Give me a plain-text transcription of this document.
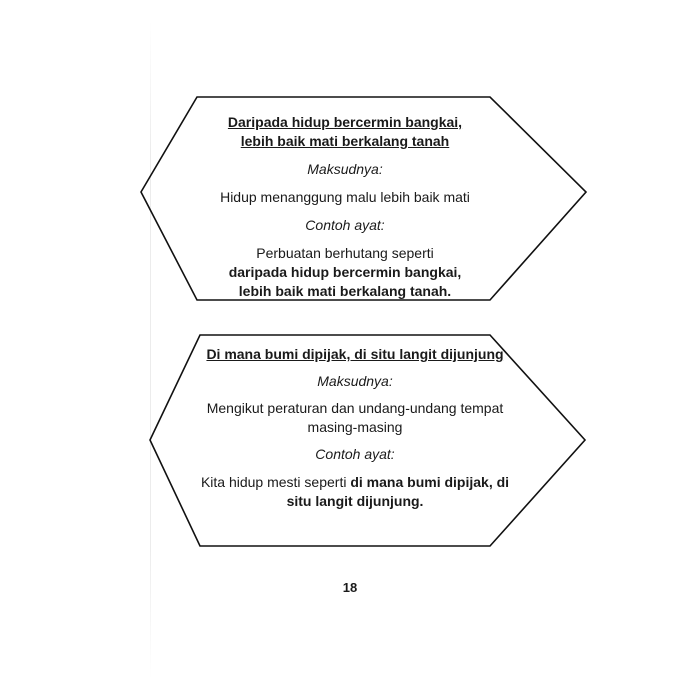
Daripada hidup bercermin bangkai,
lebih baik mati berkalang tanah
Maksudnya:
Hidup menanggung malu lebih baik mati
Contoh ayat:
Perbuatan berhutang seperti
daripada hidup bercermin bangkai,
lebih baik mati berkalang tanah.
Di mana bumi dipijak, di situ langit dijunjung
Maksudnya:
Mengikut peraturan dan undang-undang tempat
masing-masing
Contoh ayat:
Kita hidup mesti seperti di mana bumi dipijak, di
situ langit dijunjung.
18
